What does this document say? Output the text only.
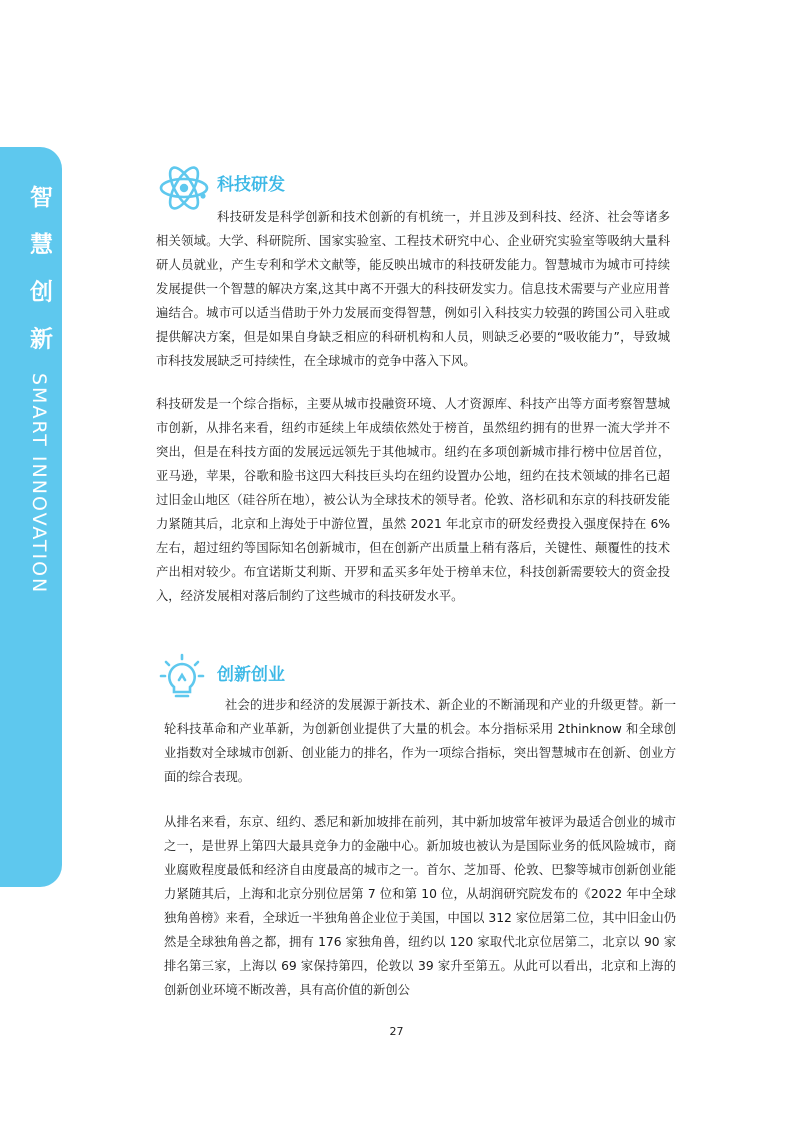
智 慧 创 新SMART INNOVATION
科技研发

科技研发是科学创新和技术创新的有机统一，并且涉及到科技、经济、社会等诸多相关领域。大学、科研院所、国家实验室、工程技术研究中心、企业研究实验室等吸纳大量科研人员就业，产生专利和学术文献等，能反映出城市的科技研发能力。智慧城市为城市可持续发展提供一个智慧的解决方案,这其中离不开强大的科技研发实力。信息技术需要与产业应用普遍结合。城市可以适当借助于外力发展而变得智慧，例如引入科技实力较强的跨国公司入驻或提供解决方案，但是如果自身缺乏相应的科研机构和人员，则缺乏必要的“吸收能力”，导致城市科技发展缺乏可持续性，在全球城市的竞争中落入下风。

科技研发是一个综合指标，主要从城市投融资环境、人才资源库、科技产出等方面考察智慧城市创新，从排名来看，纽约市延续上年成绩依然处于榜首，虽然纽约拥有的世界一流大学并不突出，但是在科技方面的发展远远领先于其他城市。纽约在多项创新城市排行榜中位居首位，亚马逊，苹果，谷歌和脸书这四大科技巨头均在纽约设置办公地，纽约在技术领域的排名已超过旧金山地区（硅谷所在地），被公认为全球技术的领导者。伦敦、洛杉矶和东京的科技研发能力紧随其后，北京和上海处于中游位置，虽然 2021 年北京市的研发经费投入强度保持在 6%左右，超过纽约等国际知名创新城市，但在创新产出质量上稍有落后，关键性、颠覆性的技术产出相对较少。布宜诺斯艾利斯、开罗和孟买多年处于榜单末位，科技创新需要较大的资金投入，经济发展相对落后制约了这些城市的科技研发水平。

创新创业

社会的进步和经济的发展源于新技术、新企业的不断涌现和产业的升级更替。新一轮科技革命和产业革新，为创新创业提供了大量的机会。本分指标采用 2thinknow 和全球创业指数对全球城市创新、创业能力的排名，作为一项综合指标，突出智慧城市在创新、创业方面的综合表现。

从排名来看，东京、纽约、悉尼和新加坡排在前列，其中新加坡常年被评为最适合创业的城市之一，是世界上第四大最具竞争力的金融中心。新加坡也被认为是国际业务的低风险城市，商业腐败程度最低和经济自由度最高的城市之一。首尔、芝加哥、伦敦、巴黎等城市创新创业能力紧随其后，上海和北京分别位居第 7 位和第 10 位，从胡润研究院发布的《2022 年中全球独角兽榜》来看，全球近一半独角兽企业位于美国，中国以 312 家位居第二位，其中旧金山仍然是全球独角兽之都，拥有 176 家独角兽，纽约以 120 家取代北京位居第二，北京以 90 家排名第三家，上海以 69 家保持第四，伦敦以 39 家升至第五。从此可以看出，北京和上海的创新创业环境不断改善，具有高价值的新创公

27
